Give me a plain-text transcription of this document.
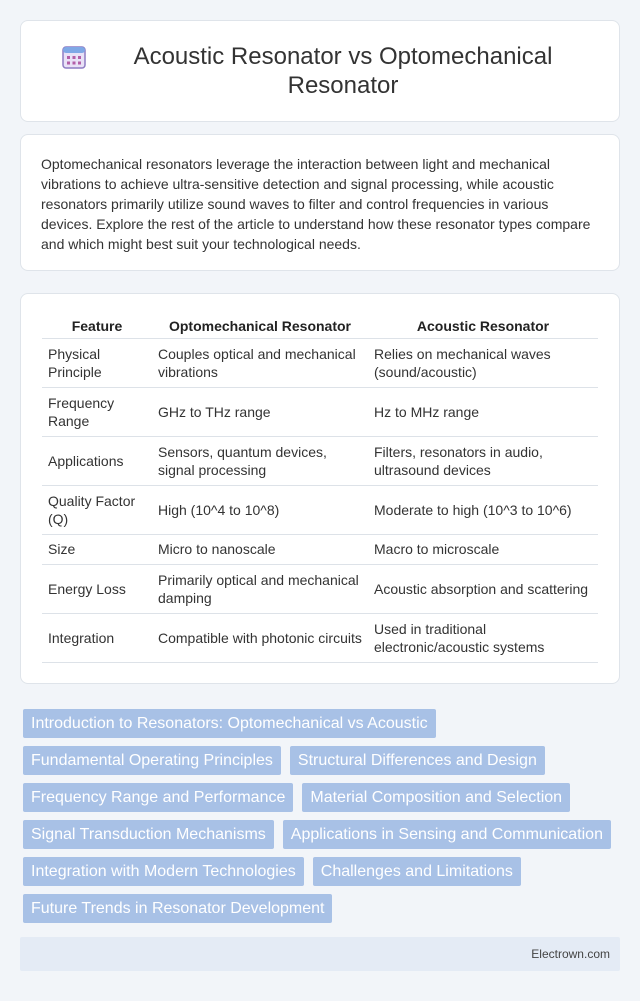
Acoustic Resonator vs Optomechanical Resonator

Optomechanical resonators leverage the interaction between light and mechanical vibrations to achieve ultra-sensitive detection and signal processing, while acoustic resonators primarily utilize sound waves to filter and control frequencies in various devices. Explore the rest of the article to understand how these resonator types compare and which might best suit your technological needs.

Feature	Optomechanical Resonator	Acoustic Resonator
Physical Principle	Couples optical and mechanical vibrations	Relies on mechanical waves (sound/acoustic)
Frequency Range	GHz to THz range	Hz to MHz range
Applications	Sensors, quantum devices, signal processing	Filters, resonators in audio, ultrasound devices
Quality Factor (Q)	High (10^4 to 10^8)	Moderate to high (10^3 to 10^6)
Size	Micro to nanoscale	Macro to microscale
Energy Loss	Primarily optical and mechanical damping	Acoustic absorption and scattering
Integration	Compatible with photonic circuits	Used in traditional electronic/acoustic systems
Introduction to Resonators: Optomechanical vs Acoustic
Fundamental Operating Principles	Structural Differences and Design
Frequency Range and Performance	Material Composition and Selection
Signal Transduction Mechanisms	Applications in Sensing and Communication
Integration with Modern Technologies	Challenges and Limitations
Future Trends in Resonator Development
Electrown.com
